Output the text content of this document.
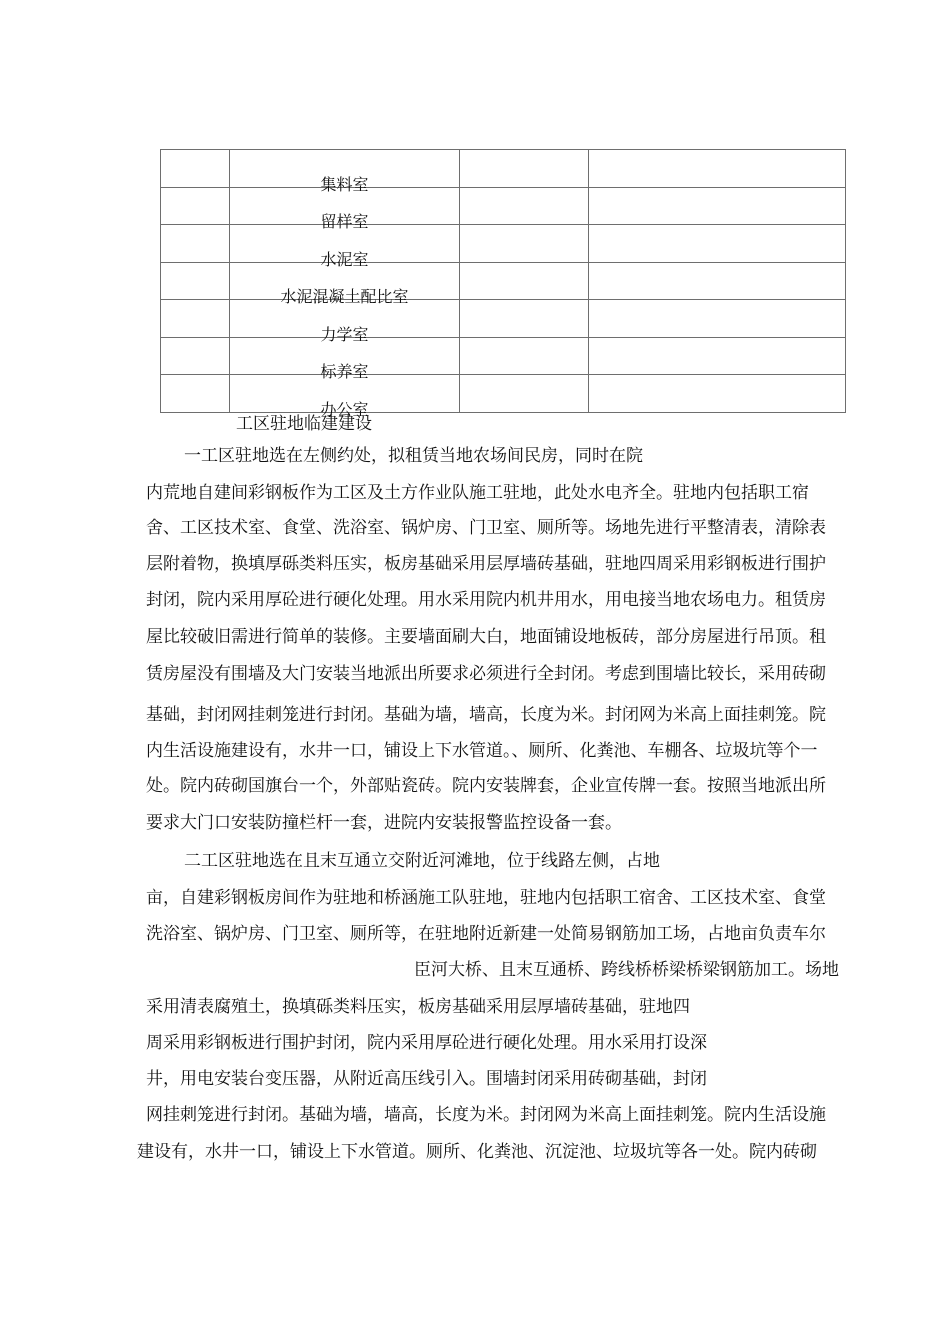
	集料室		
	留样室		
	水泥室		
	水泥混凝土配比室		
	力学室		
	标养室		
	办公室		
工区驻地临建建设
一工区驻地选在左侧约处，拟租赁当地农场间民房，同时在院
内荒地自建间彩钢板作为工区及土方作业队施工驻地，此处水电齐全。驻地内包括职工宿
舍、工区技术室、食堂、洗浴室、锅炉房、门卫室、厕所等。场地先进行平整清表，清除表
层附着物，换填厚砾类料压实，板房基础采用层厚墙砖基础，驻地四周采用彩钢板进行围护
封闭，院内采用厚砼进行硬化处理。用水采用院内机井用水，用电接当地农场电力。租赁房
屋比较破旧需进行简单的装修。主要墙面刷大白，地面铺设地板砖，部分房屋进行吊顶。租
赁房屋没有围墙及大门安装当地派出所要求必须进行全封闭。考虑到围墙比较长，采用砖砌
基础，封闭网挂刺笼进行封闭。基础为墙，墙高，长度为米。封闭网为米高上面挂刺笼。院
内生活设施建设有，水井一口，铺设上下水管道。、厕所、化粪池、车棚各、垃圾坑等个一
处。院内砖砌国旗台一个，外部贴瓷砖。院内安装牌套，企业宣传牌一套。按照当地派出所
要求大门口安装防撞栏杆一套，进院内安装报警监控设备一套。
二工区驻地选在且末互通立交附近河滩地，位于线路左侧，占地
亩，自建彩钢板房间作为驻地和桥涵施工队驻地，驻地内包括职工宿舍、工区技术室、食堂
洗浴室、锅炉房、门卫室、厕所等，在驻地附近新建一处简易钢筋加工场，占地亩负责车尔
臣河大桥、且末互通桥、跨线桥桥梁桥梁钢筋加工。场地
采用清表腐殖土，换填砾类料压实，板房基础采用层厚墙砖基础，驻地四
周采用彩钢板进行围护封闭，院内采用厚砼进行硬化处理。用水采用打设深
井，用电安装台变压器，从附近高压线引入。围墙封闭采用砖砌基础，封闭
网挂刺笼进行封闭。基础为墙，墙高，长度为米。封闭网为米高上面挂刺笼。院内生活设施
建设有，水井一口，铺设上下水管道。厕所、化粪池、沉淀池、垃圾坑等各一处。院内砖砌
